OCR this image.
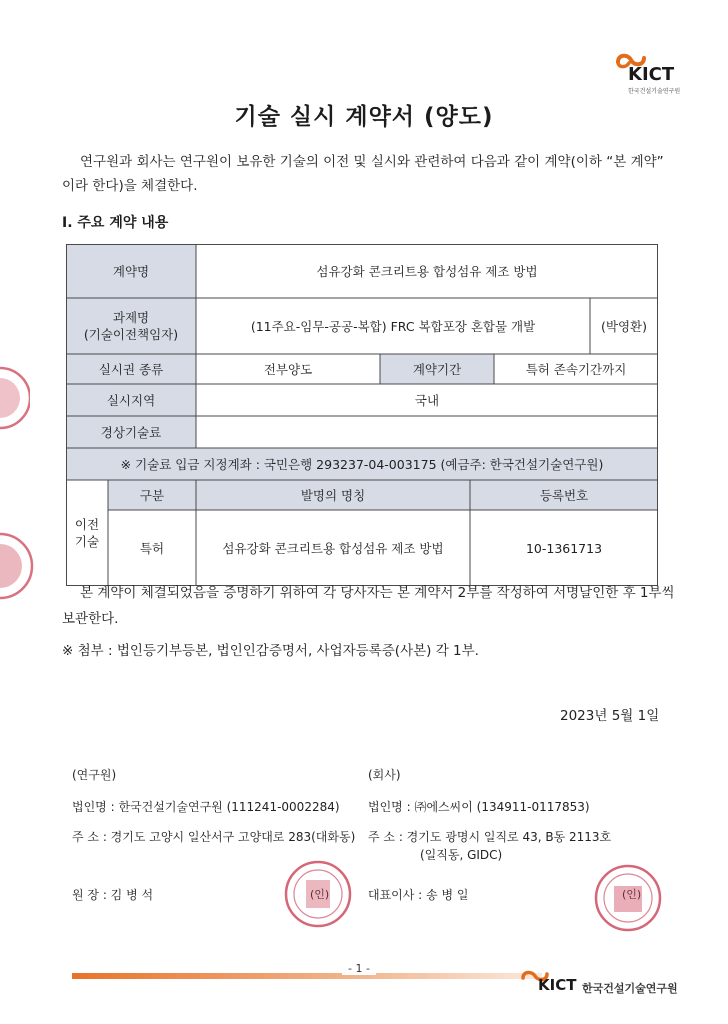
KICT
한국건설기술연구원
기술 실시 계약서 (양도)
연구원과 회사는 연구원이 보유한 기술의 이전 및 실시와 관련하여 다음과 같이 계약(이하 “본 계약”
이라 한다)을 체결한다.
I. 주요 계약 내용
계약명	섬유강화 콘크리트용 합성섬유 제조 방법
과제명
(기술이전책임자)
(11주요-임무-공공-복합) FRC 복합포장 혼합물 개발	(박영환)
실시권 종류	전부양도	계약기간	특허 존속기간까지
실시지역	국내
경상기술료
※ 기술료 입금 지정계좌 : 국민은행 293237-04-003175 (예금주: 한국건설기술연구원)
이전
기술
구분	발명의 명칭	등록번호
특허	섬유강화 콘크리트용 합성섬유 제조 방법	10-1361713
본 계약이 체결되었음을 증명하기 위하여 각 당사자는 본 계약서 2부를 작성하여 서명날인한 후 1부씩
보관한다.
※ 첨부 : 법인등기부등본, 법인인감증명서, 사업자등록증(사본) 각 1부.
2023년 5월 1일
(연구원)
법인명 : 한국건설기술연구원 (111241-0002284)
주 소 : 경기도 고양시 일산서구 고양대로 283(대화동)
원 장 : 김 병 석	(인)
(회사)
법인명 : ㈜에스씨이 (134911-0117853)
주 소 : 경기도 광명시 일직로 43, B동 2113호
(일직동, GIDC)
대표이사 : 송 병 일	(인)
- 1 -
KICT 한국건설기술연구원
